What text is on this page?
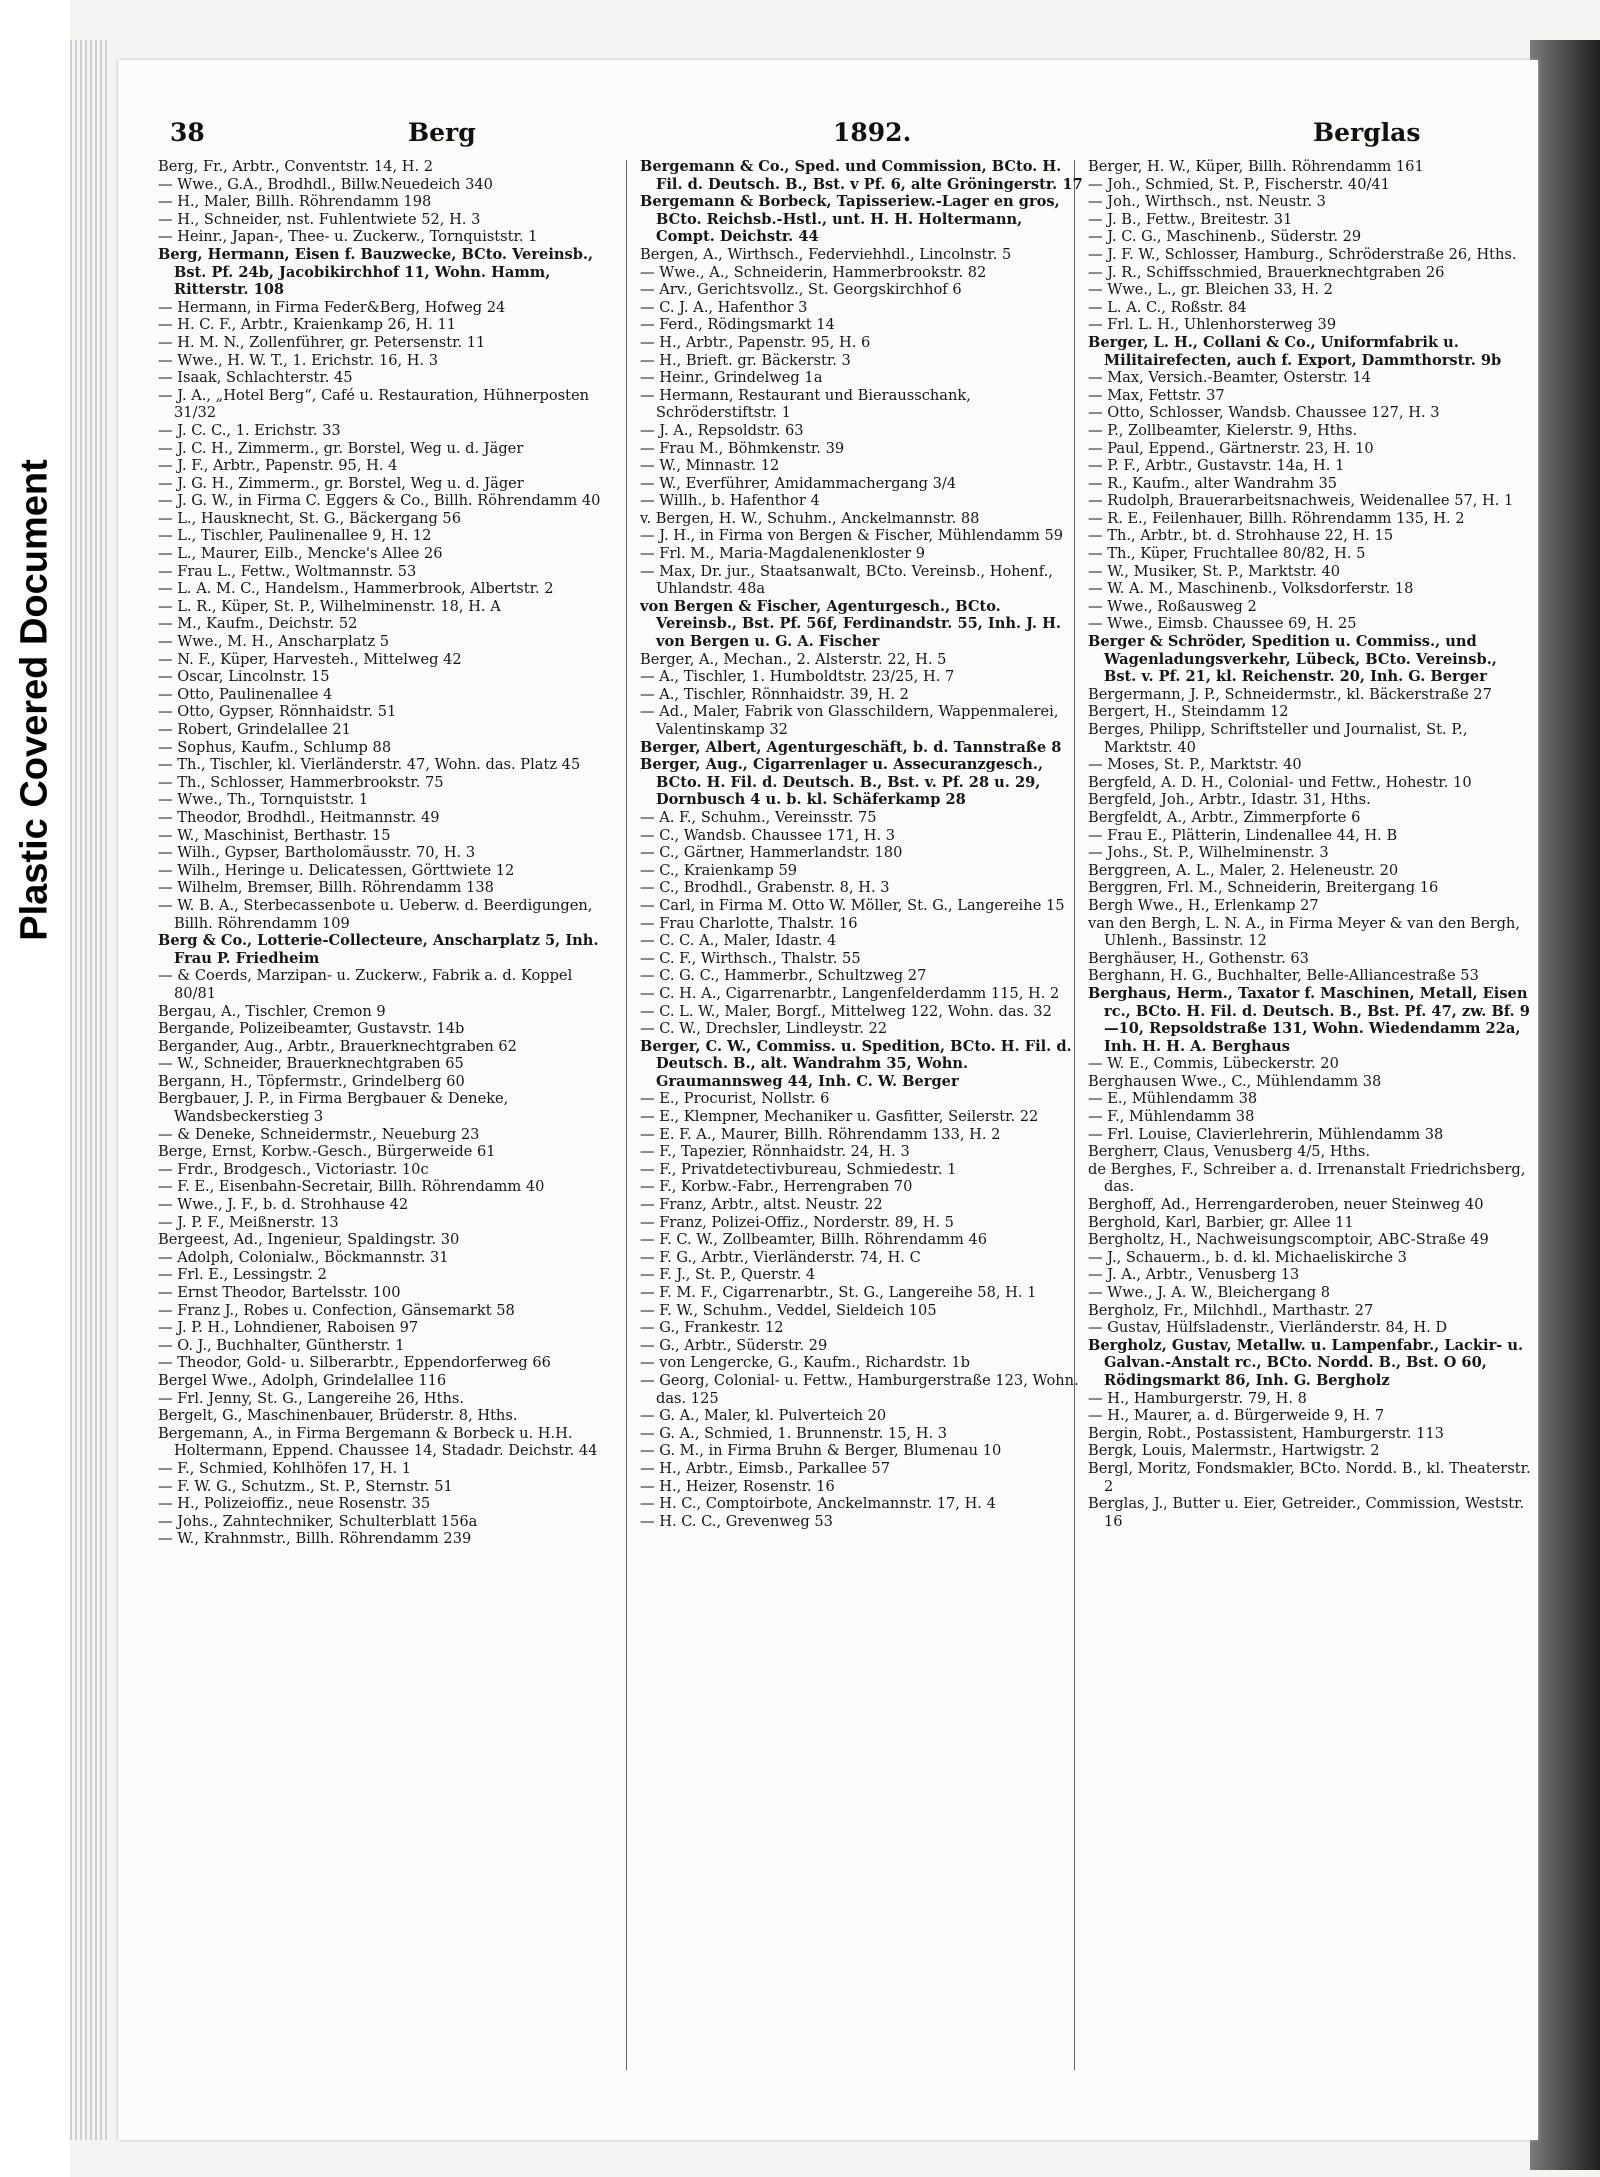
Plastic Covered Document
38	Berg	1892.	Berglas

Berg, Fr., Arbtr., Conventstr. 14, H. 2

— Wwe., G.A., Brodhdl., Billw.Neuedeich 340

— H., Maler, Billh. Röhrendamm 198

— H., Schneider, nst. Fuhlentwiete 52, H. 3

— Heinr., Japan-, Thee- u. Zuckerw., Tornquiststr. 1

Berg, Hermann, Eisen f. Bauzwecke, BCto. Vereinsb., Bst. Pf. 24b, Jacobikirchhof 11, Wohn. Hamm, Ritterstr. 108

— Hermann, in Firma Feder&Berg, Hofweg 24

— H. C. F., Arbtr., Kraienkamp 26, H. 11

— H. M. N., Zollenführer, gr. Petersenstr. 11

— Wwe., H. W. T., 1. Erichstr. 16, H. 3

— Isaak, Schlachterstr. 45

— J. A., „Hotel Berg“, Café u. Restauration, Hühnerposten 31/32

— J. C. C., 1. Erichstr. 33

— J. C. H., Zimmerm., gr. Borstel, Weg u. d. Jäger

— J. F., Arbtr., Papenstr. 95, H. 4

— J. G. H., Zimmerm., gr. Borstel, Weg u. d. Jäger

— J. G. W., in Firma C. Eggers & Co., Billh. Röhrendamm 40

— L., Hausknecht, St. G., Bäckergang 56

— L., Tischler, Paulinenallee 9, H. 12

— L., Maurer, Eilb., Mencke's Allee 26

— Frau L., Fettw., Woltmannstr. 53

— L. A. M. C., Handelsm., Hammerbrook, Albertstr. 2

— L. R., Küper, St. P., Wilhelminenstr. 18, H. A

— M., Kaufm., Deichstr. 52

— Wwe., M. H., Anscharplatz 5

— N. F., Küper, Harvesteh., Mittelweg 42

— Oscar, Lincolnstr. 15

— Otto, Paulinenallee 4

— Otto, Gypser, Rönnhaidstr. 51

— Robert, Grindelallee 21

— Sophus, Kaufm., Schlump 88

— Th., Tischler, kl. Vierländerstr. 47, Wohn. das. Platz 45

— Th., Schlosser, Hammerbrookstr. 75

— Wwe., Th., Tornquiststr. 1

— Theodor, Brodhdl., Heitmannstr. 49

— W., Maschinist, Berthastr. 15

— Wilh., Gypser, Bartholomäusstr. 70, H. 3

— Wilh., Heringe u. Delicatessen, Görttwiete 12

— Wilhelm, Bremser, Billh. Röhrendamm 138

— W. B. A., Sterbecassenbote u. Ueberw. d. Beerdigungen, Billh. Röhrendamm 109

Berg & Co., Lotterie-Collecteure, Anscharplatz 5, Inh. Frau P. Friedheim

— & Coerds, Marzipan- u. Zuckerw., Fabrik a. d. Koppel 80/81

Bergau, A., Tischler, Cremon 9

Bergande, Polizeibeamter, Gustavstr. 14b

Bergander, Aug., Arbtr., Brauerknechtgraben 62

— W., Schneider, Brauerknechtgraben 65

Bergann, H., Töpfermstr., Grindelberg 60

Bergbauer, J. P., in Firma Bergbauer & Deneke, Wandsbeckerstieg 3

— & Deneke, Schneidermstr., Neueburg 23

Berge, Ernst, Korbw.-Gesch., Bürgerweide 61

— Frdr., Brodgesch., Victoriastr. 10c

— F. E., Eisenbahn-Secretair, Billh. Röhrendamm 40

— Wwe., J. F., b. d. Strohhause 42

— J. P. F., Meißnerstr. 13

Bergeest, Ad., Ingenieur, Spaldingstr. 30

— Adolph, Colonialw., Böckmannstr. 31

— Frl. E., Lessingstr. 2

— Ernst Theodor, Bartelsstr. 100

— Franz J., Robes u. Confection, Gänsemarkt 58

— J. P. H., Lohndiener, Raboisen 97

— O. J., Buchhalter, Güntherstr. 1

— Theodor, Gold- u. Silberarbtr., Eppendorferweg 66

Bergel Wwe., Adolph, Grindelallee 116

— Frl. Jenny, St. G., Langereihe 26, Hths.

Bergelt, G., Maschinenbauer, Brüderstr. 8, Hths.

Bergemann, A., in Firma Bergemann & Borbeck u. H.H. Holtermann, Eppend. Chaussee 14, Stadadr. Deichstr. 44

— F., Schmied, Kohlhöfen 17, H. 1

— F. W. G., Schutzm., St. P., Sternstr. 51

— H., Polizeioffiz., neue Rosenstr. 35

— Johs., Zahntechniker, Schulterblatt 156a

— W., Krahnmstr., Billh. Röhrendamm 239

Bergemann & Co., Sped. und Commission, BCto. H. Fil. d. Deutsch. B., Bst. v Pf. 6, alte Gröningerstr. 17

Bergemann & Borbeck, Tapisseriew.-Lager en gros, BCto. Reichsb.-Hstl., unt. H. H. Holtermann, Compt. Deichstr. 44

Bergen, A., Wirthsch., Federviehhdl., Lincolnstr. 5

— Wwe., A., Schneiderin, Hammerbrookstr. 82

— Arv., Gerichtsvollz., St. Georgskirchhof 6

— C. J. A., Hafenthor 3

— Ferd., Rödingsmarkt 14

— H., Arbtr., Papenstr. 95, H. 6

— H., Brieft. gr. Bäckerstr. 3

— Heinr., Grindelweg 1a

— Hermann, Restaurant und Bierausschank, Schröderstiftstr. 1

— J. A., Repsoldstr. 63

— Frau M., Böhmkenstr. 39

— W., Minnastr. 12

— W., Everführer, Amidammachergang 3/4

— Willh., b. Hafenthor 4

v. Bergen, H. W., Schuhm., Anckelmannstr. 88

— J. H., in Firma von Bergen & Fischer, Mühlendamm 59

— Frl. M., Maria-Magdalenenkloster 9

— Max, Dr. jur., Staatsanwalt, BCto. Vereinsb., Hohenf., Uhlandstr. 48a

von Bergen & Fischer, Agenturgesch., BCto. Vereinsb., Bst. Pf. 56f, Ferdinandstr. 55, Inh. J. H. von Bergen u. G. A. Fischer

Berger, A., Mechan., 2. Alsterstr. 22, H. 5

— A., Tischler, 1. Humboldtstr. 23/25, H. 7

— A., Tischler, Rönnhaidstr. 39, H. 2

— Ad., Maler, Fabrik von Glasschildern, Wappenmalerei, Valentinskamp 32

Berger, Albert, Agenturgeschäft, b. d. Tannstraße 8

Berger, Aug., Cigarrenlager u. Assecuranzgesch., BCto. H. Fil. d. Deutsch. B., Bst. v. Pf. 28 u. 29, Dornbusch 4 u. b. kl. Schäferkamp 28

— A. F., Schuhm., Vereinsstr. 75

— C., Wandsb. Chaussee 171, H. 3

— C., Gärtner, Hammerlandstr. 180

— C., Kraienkamp 59

— C., Brodhdl., Grabenstr. 8, H. 3

— Carl, in Firma M. Otto W. Möller, St. G., Langereihe 15

— Frau Charlotte, Thalstr. 16

— C. C. A., Maler, Idastr. 4

— C. F., Wirthsch., Thalstr. 55

— C. G. C., Hammerbr., Schultzweg 27

— C. H. A., Cigarrenarbtr., Langenfelderdamm 115, H. 2

— C. L. W., Maler, Borgf., Mittelweg 122, Wohn. das. 32

— C. W., Drechsler, Lindleystr. 22

Berger, C. W., Commiss. u. Spedition, BCto. H. Fil. d. Deutsch. B., alt. Wandrahm 35, Wohn. Graumannsweg 44, Inh. C. W. Berger

— E., Procurist, Nollstr. 6

— E., Klempner, Mechaniker u. Gasfitter, Seilerstr. 22

— E. F. A., Maurer, Billh. Röhrendamm 133, H. 2

— F., Tapezier, Rönnhaidstr. 24, H. 3

— F., Privatdetectivbureau, Schmiedestr. 1

— F., Korbw.-Fabr., Herrengraben 70

— Franz, Arbtr., altst. Neustr. 22

— Franz, Polizei-Offiz., Norderstr. 89, H. 5

— F. C. W., Zollbeamter, Billh. Röhrendamm 46

— F. G., Arbtr., Vierländerstr. 74, H. C

— F. J., St. P., Querstr. 4

— F. M. F., Cigarrenarbtr., St. G., Langereihe 58, H. 1

— F. W., Schuhm., Veddel, Sieldeich 105

— G., Frankestr. 12

— G., Arbtr., Süderstr. 29

— von Lengercke, G., Kaufm., Richardstr. 1b

— Georg, Colonial- u. Fettw., Hamburgerstraße 123, Wohn. das. 125

— G. A., Maler, kl. Pulverteich 20

— G. A., Schmied, 1. Brunnenstr. 15, H. 3

— G. M., in Firma Bruhn & Berger, Blumenau 10

— H., Arbtr., Eimsb., Parkallee 57

— H., Heizer, Rosenstr. 16

— H. C., Comptoirbote, Anckelmannstr. 17, H. 4

— H. C. C., Grevenweg 53

Berger, H. W., Küper, Billh. Röhrendamm 161

— Joh., Schmied, St. P., Fischerstr. 40/41

— Joh., Wirthsch., nst. Neustr. 3

— J. B., Fettw., Breitestr. 31

— J. C. G., Maschinenb., Süderstr. 29

— J. F. W., Schlosser, Hamburg., Schröderstraße 26, Hths.

— J. R., Schiffsschmied, Brauerknechtgraben 26

— Wwe., L., gr. Bleichen 33, H. 2

— L. A. C., Roßstr. 84

— Frl. L. H., Uhlenhorsterweg 39

Berger, L. H., Collani & Co., Uniformfabrik u. Militairefecten, auch f. Export, Dammthorstr. 9b

— Max, Versich.-Beamter, Osterstr. 14

— Max, Fettstr. 37

— Otto, Schlosser, Wandsb. Chaussee 127, H. 3

— P., Zollbeamter, Kielerstr. 9, Hths.

— Paul, Eppend., Gärtnerstr. 23, H. 10

— P. F., Arbtr., Gustavstr. 14a, H. 1

— R., Kaufm., alter Wandrahm 35

— Rudolph, Brauerarbeitsnachweis, Weidenallee 57, H. 1

— R. E., Feilenhauer, Billh. Röhrendamm 135, H. 2

— Th., Arbtr., bt. d. Strohhause 22, H. 15

— Th., Küper, Fruchtallee 80/82, H. 5

— W., Musiker, St. P., Marktstr. 40

— W. A. M., Maschinenb., Volksdorferstr. 18

— Wwe., Roßausweg 2

— Wwe., Eimsb. Chaussee 69, H. 25

Berger & Schröder, Spedition u. Commiss., und Wagenladungsverkehr, Lübeck, BCto. Vereinsb., Bst. v. Pf. 21, kl. Reichenstr. 20, Inh. G. Berger

Bergermann, J. P., Schneidermstr., kl. Bäckerstraße 27

Bergert, H., Steindamm 12

Berges, Philipp, Schriftsteller und Journalist, St. P., Marktstr. 40

— Moses, St. P., Marktstr. 40

Bergfeld, A. D. H., Colonial- und Fettw., Hohestr. 10

Bergfeld, Joh., Arbtr., Idastr. 31, Hths.

Bergfeldt, A., Arbtr., Zimmerpforte 6

— Frau E., Plätterin, Lindenallee 44, H. B

— Johs., St. P., Wilhelminenstr. 3

Berggreen, A. L., Maler, 2. Heleneustr. 20

Berggren, Frl. M., Schneiderin, Breitergang 16

Bergh Wwe., H., Erlenkamp 27

van den Bergh, L. N. A., in Firma Meyer & van den Bergh, Uhlenh., Bassinstr. 12

Berghäuser, H., Gothenstr. 63

Berghann, H. G., Buchhalter, Belle-Alliancestraße 53

Berghaus, Herm., Taxator f. Maschinen, Metall, Eisen rc., BCto. H. Fil. d. Deutsch. B., Bst. Pf. 47, zw. Bf. 9—10, Repsoldstraße 131, Wohn. Wiedendamm 22a, Inh. H. H. A. Berghaus

— W. E., Commis, Lübeckerstr. 20

Berghausen Wwe., C., Mühlendamm 38

— E., Mühlendamm 38

— F., Mühlendamm 38

— Frl. Louise, Clavierlehrerin, Mühlendamm 38

Bergherr, Claus, Venusberg 4/5, Hths.

de Berghes, F., Schreiber a. d. Irrenanstalt Friedrichsberg, das.

Berghoff, Ad., Herrengarderoben, neuer Steinweg 40

Berghold, Karl, Barbier, gr. Allee 11

Bergholtz, H., Nachweisungscomptoir, ABC-Straße 49

— J., Schauerm., b. d. kl. Michaeliskirche 3

— J. A., Arbtr., Venusberg 13

— Wwe., J. A. W., Bleichergang 8

Bergholz, Fr., Milchhdl., Marthastr. 27

— Gustav, Hülfsladenstr., Vierländerstr. 84, H. D

Bergholz, Gustav, Metallw. u. Lampenfabr., Lackir- u. Galvan.-Anstalt rc., BCto. Nordd. B., Bst. O 60, Rödingsmarkt 86, Inh. G. Bergholz

— H., Hamburgerstr. 79, H. 8

— H., Maurer, a. d. Bürgerweide 9, H. 7

Bergin, Robt., Postassistent, Hamburgerstr. 113

Bergk, Louis, Malermstr., Hartwigstr. 2

Bergl, Moritz, Fondsmakler, BCto. Nordd. B., kl. Theaterstr. 2

Berglas, J., Butter u. Eier, Getreider., Commission, Weststr. 16
